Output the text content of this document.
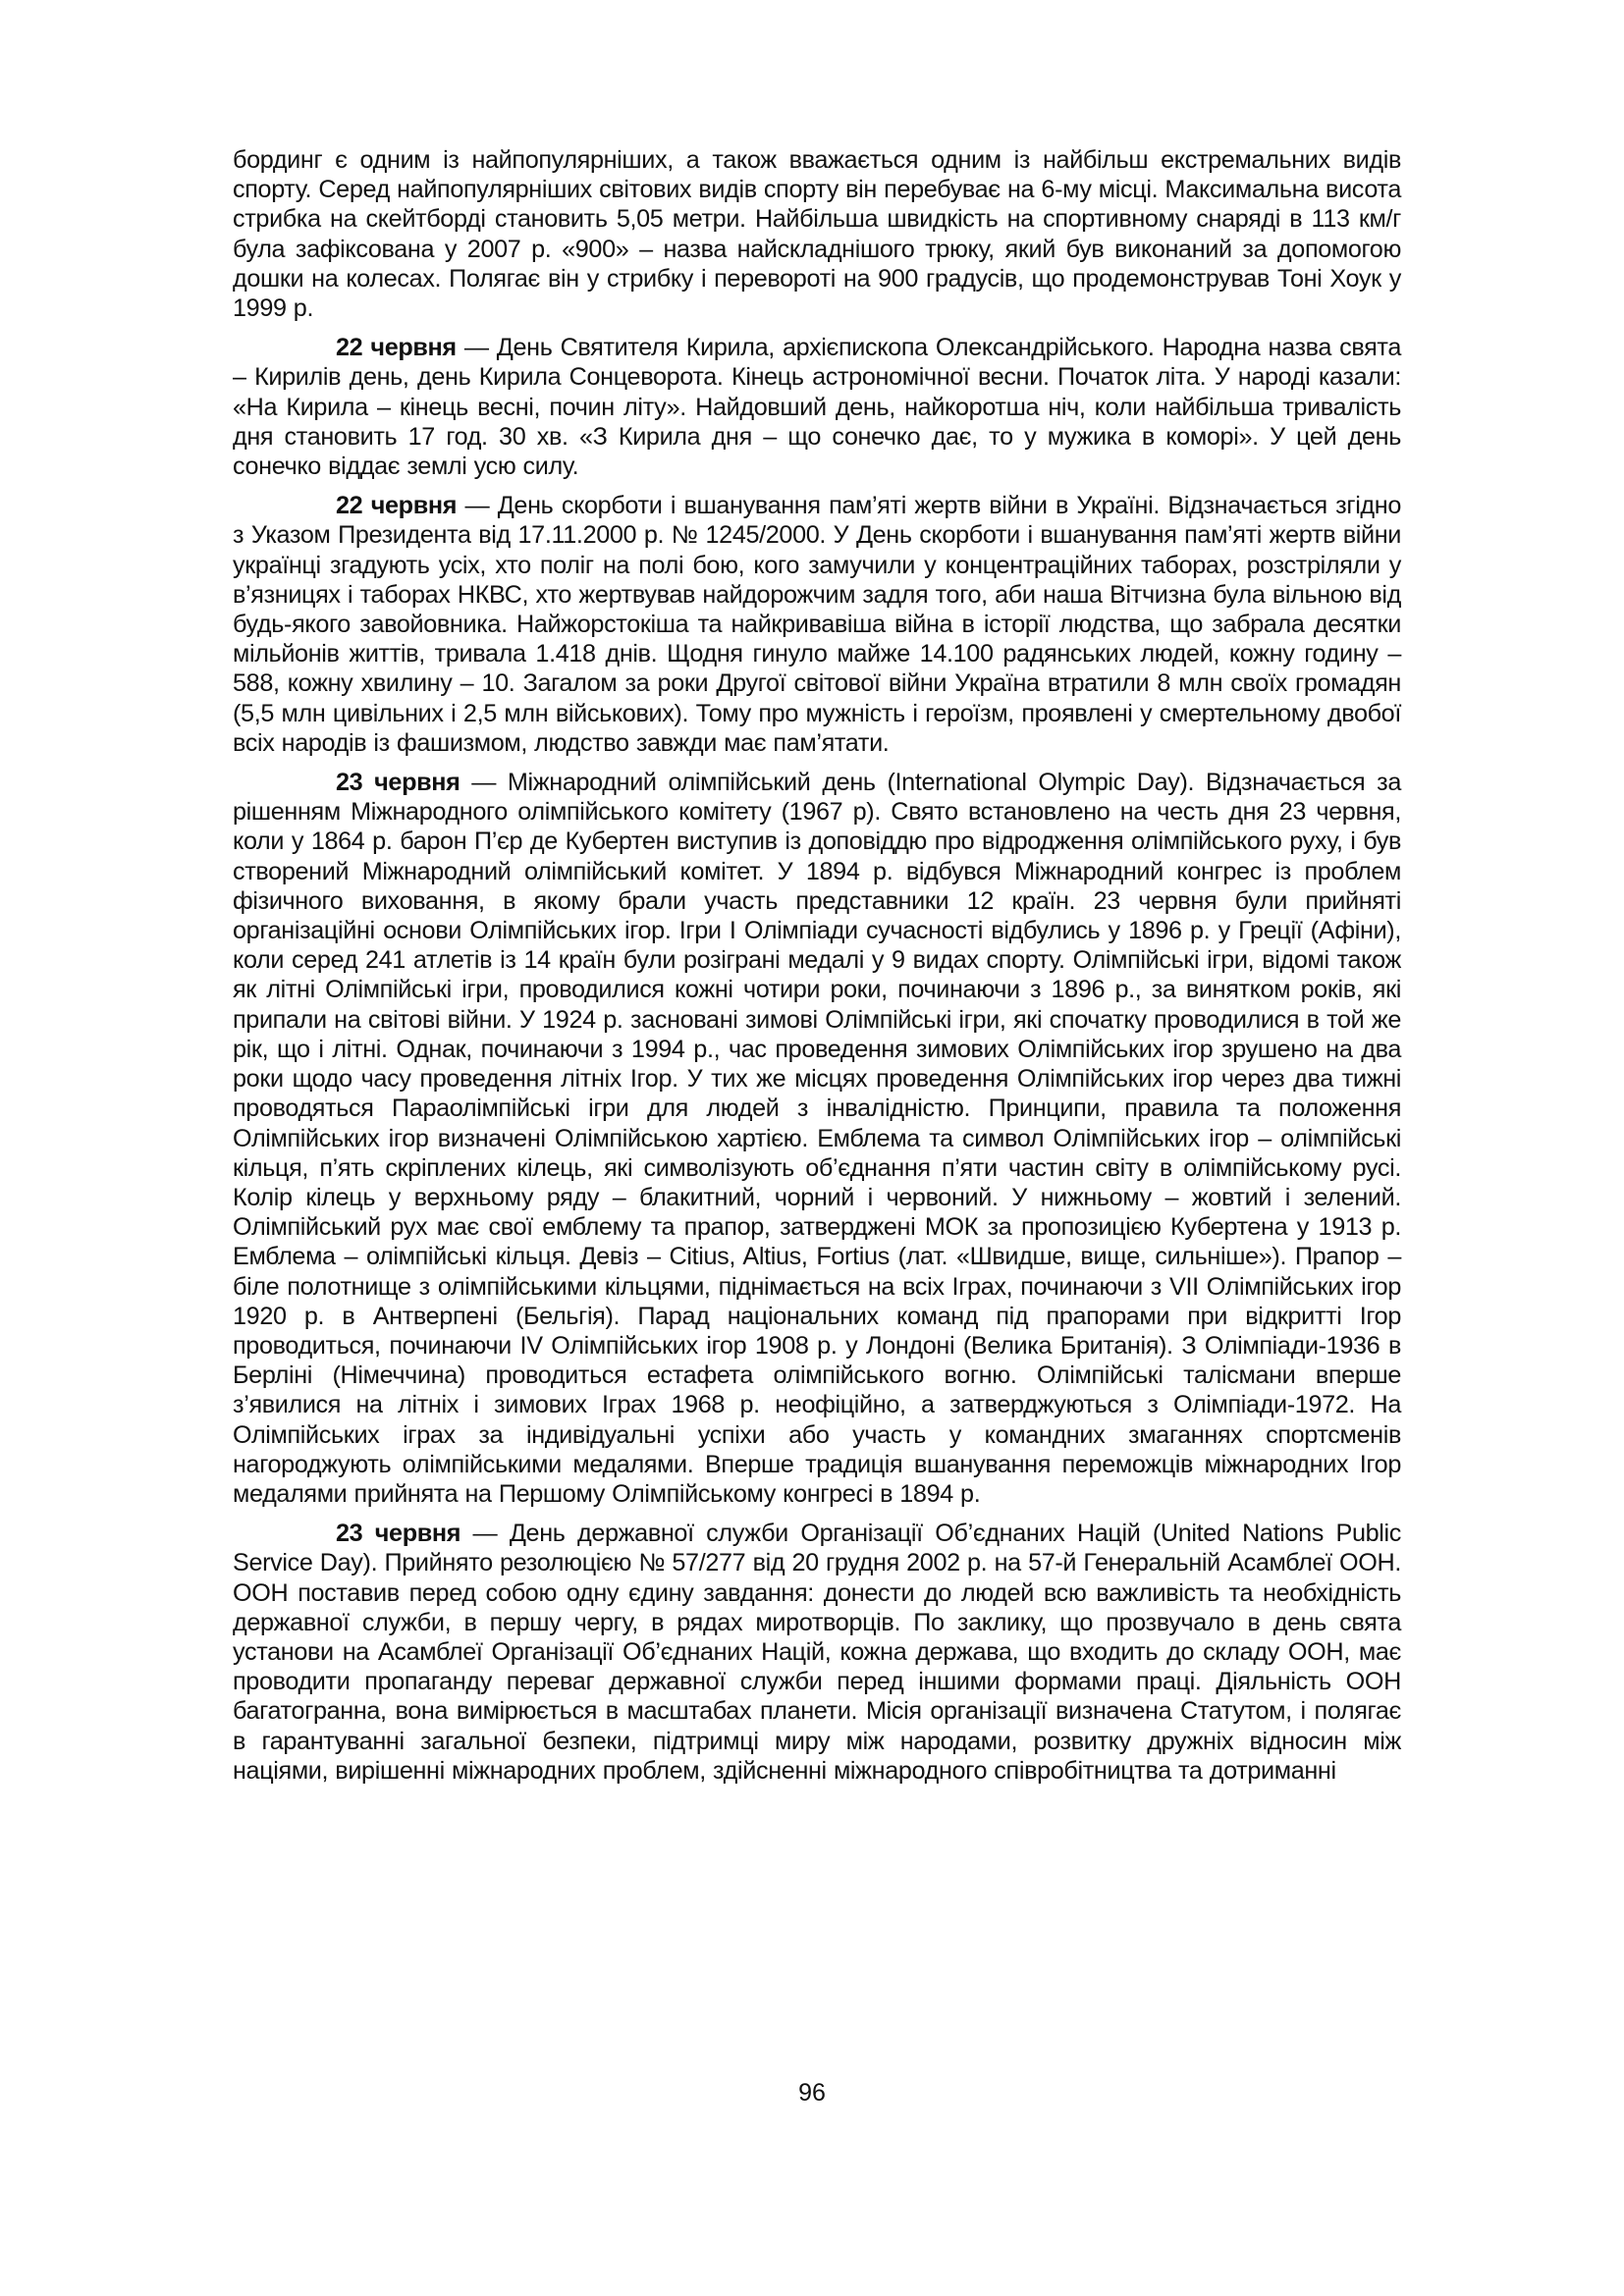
бординг є одним із найпопулярніших, а також вважається одним із найбільш екстремальних видів спорту. Серед найпопулярніших світових видів спорту він перебуває на 6-му місці. Максимальна висота стрибка на скейтборді становить 5,05 метри. Найбільша швидкість на спортивному снаряді в 113 км/г була зафіксована у 2007 р. «900» – назва найскладнішого трюку, який був виконаний за допомогою дошки на колесах. Полягає він у стрибку і перевороті на 900 градусів, що продемонстрував Тоні Хоук у 1999 р.

22 червня — День Святителя Кирила, архієпископа Олександрійського. Народна назва свята – Кирилів день, день Кирила Сонцеворота. Кінець астрономічної весни. Початок літа. У народі казали: «На Кирила – кінець весні, почин літу». Найдовший день, найкоротша ніч, коли найбільша тривалість дня становить 17 год. 30 хв. «З Кирила дня – що сонечко дає, то у мужика в коморі». У цей день сонечко віддає землі усю силу.

22 червня — День скорботи і вшанування пам’яті жертв війни в Україні. Відзначається згідно з Указом Президента від 17.11.2000 р. № 1245/2000. У День скорботи і вшанування пам’яті жертв війни українці згадують усіх, хто поліг на полі бою, кого замучили у концентраційних таборах, розстріляли у в’язницях і таборах НКВС, хто жертвував найдорожчим задля того, аби наша Вітчизна була вільною від будь-якого завойовника. Найжорстокіша та найкривавіша війна в історії людства, що забрала десятки мільйонів життів, тривала 1.418 днів. Щодня гинуло майже 14.100 радянських людей, кожну годину – 588, кожну хвилину – 10. Загалом за роки Другої світової війни Україна втратили 8 млн своїх громадян (5,5 млн цивільних і 2,5 млн військових). Тому про мужність і героїзм, проявлені у смертельному двобої всіх народів із фашизмом, людство завжди має пам’ятати.

23 червня — Міжнародний олімпійський день (International Olympic Day). Відзначається за рішенням Міжнародного олімпійського комітету (1967 р). Свято встановлено на честь дня 23 червня, коли у 1864 р. барон П’єр де Кубертен виступив із доповіддю про відродження олімпійського руху, і був створений Міжнародний олімпійський комітет. У 1894 р. відбувся Міжнародний конгрес із проблем фізичного виховання, в якому брали участь представники 12 країн. 23 червня були прийняті організаційні основи Олімпійських ігор. Ігри I Олімпіади сучасності відбулись у 1896 р. у Греції (Афіни), коли серед 241 атлетів із 14 країн були розіграні медалі у 9 видах спорту. Олімпійські ігри, відомі також як літні Олімпійські ігри, проводилися кожні чотири роки, починаючи з 1896 р., за винятком років, які припали на світові війни. У 1924 р. засновані зимові Олімпійські ігри, які спочатку проводилися в той же рік, що і літні. Однак, починаючи з 1994 р., час проведення зимових Олімпійських ігор зрушено на два роки щодо часу проведення літніх Ігор. У тих же місцях проведення Олімпійських ігор через два тижні проводяться Параолімпійські ігри для людей з інвалідністю. Принципи, правила та положення Олімпійських ігор визначені Олімпійською хартією. Емблема та символ Олімпійських ігор – олімпійські кільця, п’ять скріплених кілець, які символізують об’єднання п’яти частин світу в олімпійському русі. Колір кілець у верхньому ряду – блакитний, чорний і червоний. У нижньому – жовтий і зелений. Олімпійський рух має свої емблему та прапор, затверджені МОК за пропозицією Кубертена у 1913 р. Емблема – олімпійські кільця. Девіз – Citius, Altius, Fortius (лат. «Швидше, вище, сильніше»). Прапор – біле полотнище з олімпійськими кільцями, піднімається на всіх Іграх, починаючи з VII Олімпійських ігор 1920 р. в Антверпені (Бельгія). Парад національних команд під прапорами при відкритті Ігор проводиться, починаючи IV Олімпійських ігор 1908 р. у Лондоні (Велика Британія). З Олімпіади-1936 в Берліні (Німеччина) проводиться естафета олімпійського вогню. Олімпійські талісмани вперше з’явилися на літніх і зимових Іграх 1968 р. неофіційно, а затверджуються з Олімпіади-1972. На Олімпійських іграх за індивідуальні успіхи або участь у командних змаганнях спортсменів нагороджують олімпійськими медалями. Вперше традиція вшанування переможців міжнародних Ігор медалями прийнята на Першому Олімпійському конгресі в 1894 р.

23 червня — День державної служби Організації Об’єднаних Націй (United Nations Public Service Day). Прийнято резолюцією № 57/277 від 20 грудня 2002 р. на 57-й Генеральній Асамблеї ООН. ООН поставив перед собою одну єдину завдання: донести до людей всю важливість та необхідність державної служби, в першу чергу, в рядах миротворців. По заклику, що прозвучало в день свята установи на Асамблеї Організації Об’єднаних Націй, кожна держава, що входить до складу ООН, має проводити пропаганду переваг державної служби перед іншими формами праці. Діяльність ООН багатогранна, вона вимірюється в масштабах планети. Місія організації визначена Статутом, і полягає в гарантуванні загальної безпеки, підтримці миру між народами, розвитку дружніх відносин між націями, вирішенні міжнародних проблем, здійсненні міжнародного співробітництва та дотриманні

96
